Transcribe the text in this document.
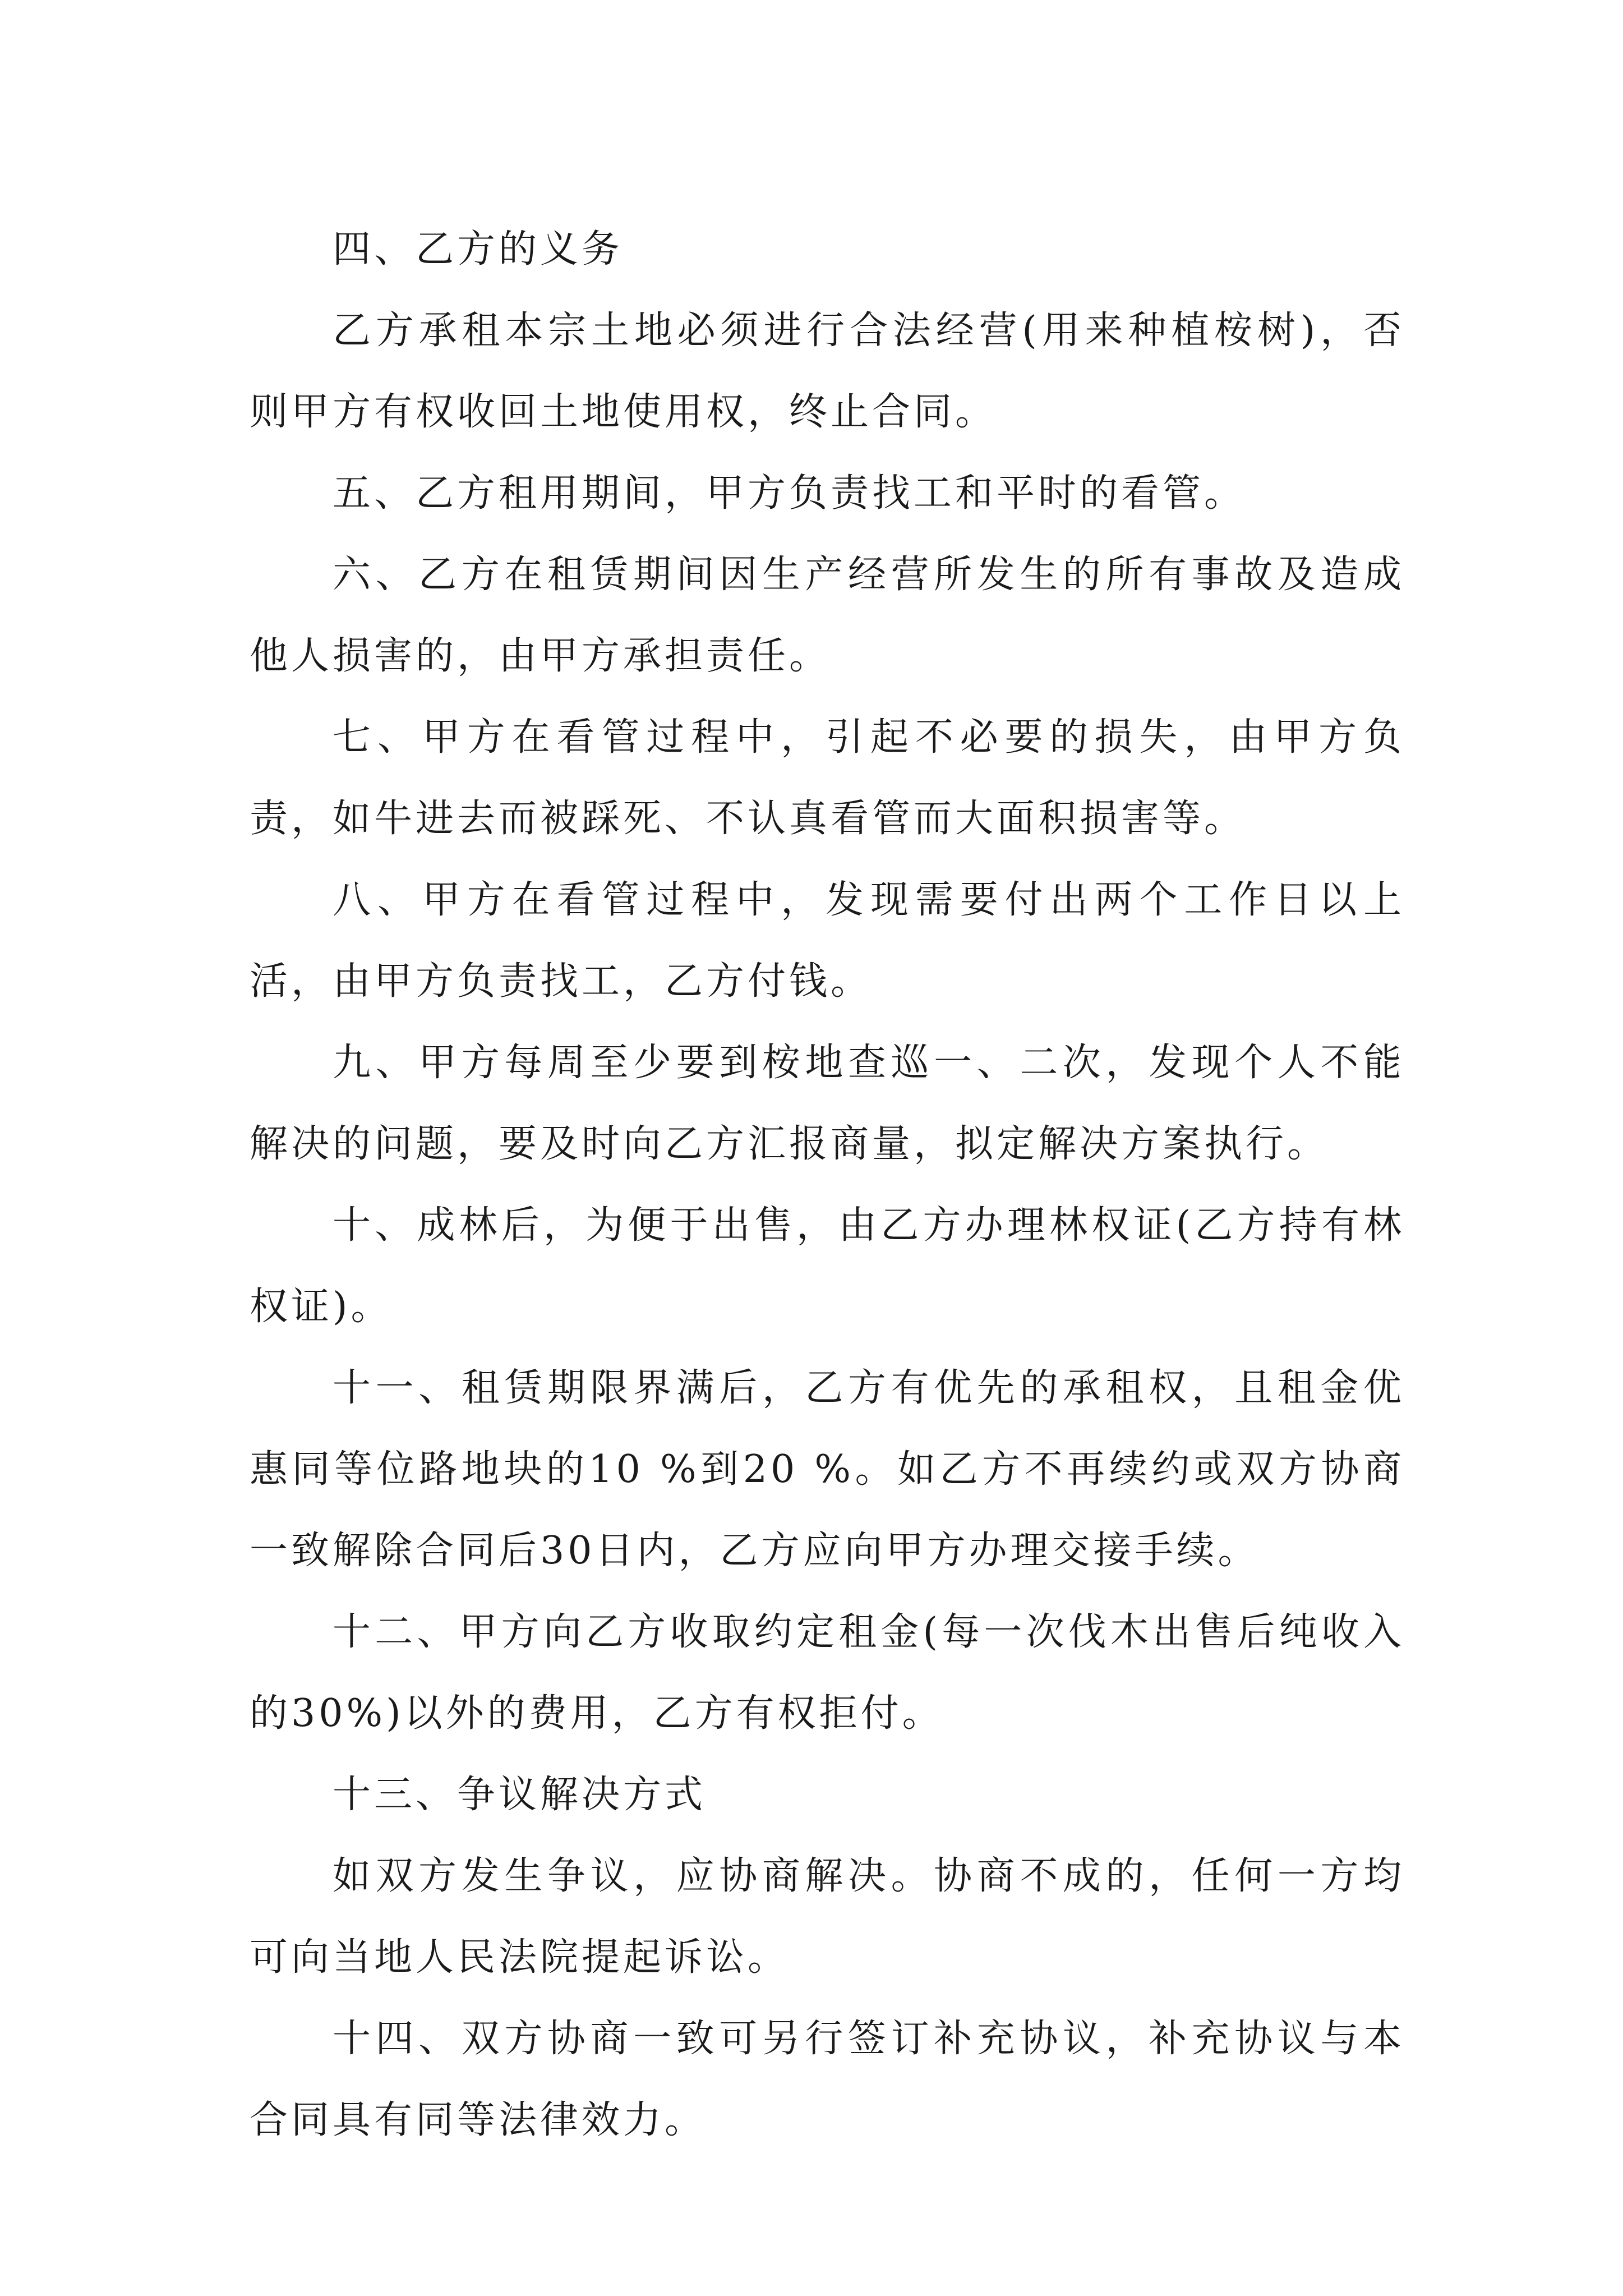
四、乙方的义务

乙方承租本宗土地必须进行合法经营(用来种植桉树)，否则甲方有权收回土地使用权，终止合同。

五、乙方租用期间，甲方负责找工和平时的看管。

六、乙方在租赁期间因生产经营所发生的所有事故及造成他人损害的，由甲方承担责任。

七、甲方在看管过程中，引起不必要的损失，由甲方负责，如牛进去而被踩死、不认真看管而大面积损害等。

八、甲方在看管过程中，发现需要付出两个工作日以上活，由甲方负责找工，乙方付钱。

九、甲方每周至少要到桉地查巡一、二次，发现个人不能解决的问题，要及时向乙方汇报商量，拟定解决方案执行。

十、成林后，为便于出售，由乙方办理林权证(乙方持有林权证)。

十一、租赁期限界满后，乙方有优先的承租权，且租金优惠同等位路地块的10 %到20 %。如乙方不再续约或双方协商一致解除合同后30日内，乙方应向甲方办理交接手续。

十二、甲方向乙方收取约定租金(每一次伐木出售后纯收入的30%)以外的费用，乙方有权拒付。

十三、争议解决方式

如双方发生争议，应协商解决。协商不成的，任何一方均可向当地人民法院提起诉讼。

十四、双方协商一致可另行签订补充协议，补充协议与本合同具有同等法律效力。
